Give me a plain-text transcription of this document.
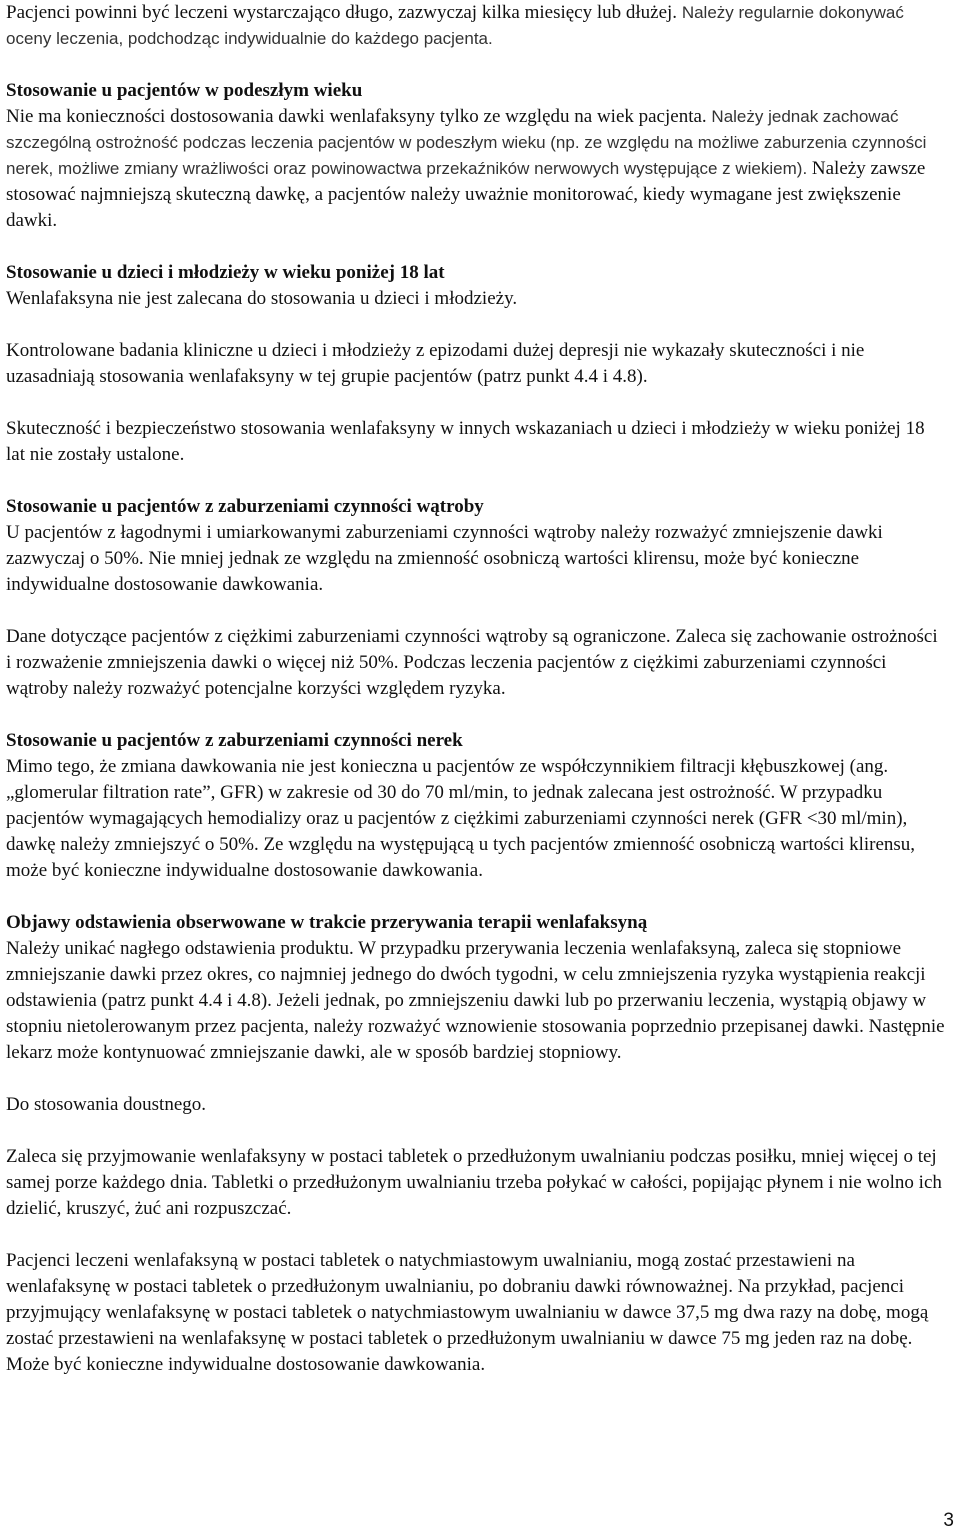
Pacjenci powinni być leczeni wystarczająco długo, zazwyczaj kilka miesięcy lub dłużej. Należy regularnie dokonywać oceny leczenia, podchodząc indywidualnie do każdego pacjenta.

Stosowanie u pacjentów w podeszłym wieku
Nie ma konieczności dostosowania dawki wenlafaksyny tylko ze względu na wiek pacjenta. Należy jednak zachować szczególną ostrożność podczas leczenia pacjentów w podeszłym wieku (np. ze względu na możliwe zaburzenia czynności nerek, możliwe zmiany wrażliwości oraz powinowactwa przekaźników nerwowych występujące z wiekiem). Należy zawsze stosować najmniejszą skuteczną dawkę, a pacjentów należy uważnie monitorować, kiedy wymagane jest zwiększenie dawki.

Stosowanie u dzieci i młodzieży w wieku poniżej 18 lat
Wenlafaksyna nie jest zalecana do stosowania u dzieci i młodzieży.

Kontrolowane badania kliniczne u dzieci i młodzieży z epizodami dużej depresji nie wykazały skuteczności i nie uzasadniają stosowania wenlafaksyny w tej grupie pacjentów (patrz punkt 4.4 i 4.8).

Skuteczność i bezpieczeństwo stosowania wenlafaksyny w innych wskazaniach u dzieci i młodzieży w wieku poniżej 18 lat nie zostały ustalone.

Stosowanie u pacjentów z zaburzeniami czynności wątroby
U pacjentów z łagodnymi i umiarkowanymi zaburzeniami czynności wątroby należy rozważyć zmniejszenie dawki zazwyczaj o 50%. Nie mniej jednak ze względu na zmienność osobniczą wartości klirensu, może być konieczne indywidualne dostosowanie dawkowania.

Dane dotyczące pacjentów z ciężkimi zaburzeniami czynności wątroby są ograniczone. Zaleca się zachowanie ostrożności i rozważenie zmniejszenia dawki o więcej niż 50%. Podczas leczenia pacjentów z ciężkimi zaburzeniami czynności wątroby należy rozważyć potencjalne korzyści względem ryzyka.

Stosowanie u pacjentów z zaburzeniami czynności nerek
Mimo tego, że zmiana dawkowania nie jest konieczna u pacjentów ze współczynnikiem filtracji kłębuszkowej (ang. „glomerular filtration rate”, GFR) w zakresie od 30 do 70 ml/min, to jednak zalecana jest ostrożność. W przypadku pacjentów wymagających hemodializy oraz u pacjentów z ciężkimi zaburzeniami czynności nerek (GFR <30 ml/min), dawkę należy zmniejszyć o 50%. Ze względu na występującą u tych pacjentów zmienność osobniczą wartości klirensu, może być konieczne indywidualne dostosowanie dawkowania.

Objawy odstawienia obserwowane w trakcie przerywania terapii wenlafaksyną
Należy unikać nagłego odstawienia produktu. W przypadku przerywania leczenia wenlafaksyną, zaleca się stopniowe zmniejszanie dawki przez okres, co najmniej jednego do dwóch tygodni, w celu zmniejszenia ryzyka wystąpienia reakcji odstawienia (patrz punkt 4.4 i 4.8). Jeżeli jednak, po zmniejszeniu dawki lub po przerwaniu leczenia, wystąpią objawy w stopniu nietolerowanym przez pacjenta, należy rozważyć wznowienie stosowania poprzednio przepisanej dawki. Następnie lekarz może kontynuować zmniejszanie dawki, ale w sposób bardziej stopniowy.

Do stosowania doustnego.

Zaleca się przyjmowanie wenlafaksyny w postaci tabletek o przedłużonym uwalnianiu podczas posiłku, mniej więcej o tej samej porze każdego dnia. Tabletki o przedłużonym uwalnianiu trzeba połykać w całości, popijając płynem i nie wolno ich dzielić, kruszyć, żuć ani rozpuszczać.

Pacjenci leczeni wenlafaksyną w postaci tabletek o natychmiastowym uwalnianiu, mogą zostać przestawieni na wenlafaksynę w postaci tabletek o przedłużonym uwalnianiu, po dobraniu dawki równoważnej. Na przykład, pacjenci przyjmujący wenlafaksynę w postaci tabletek o natychmiastowym uwalnianiu w dawce 37,5 mg dwa razy na dobę, mogą zostać przestawieni na wenlafaksynę w postaci tabletek o przedłużonym uwalnianiu w dawce 75 mg jeden raz na dobę. Może być konieczne indywidualne dostosowanie dawkowania.

3
